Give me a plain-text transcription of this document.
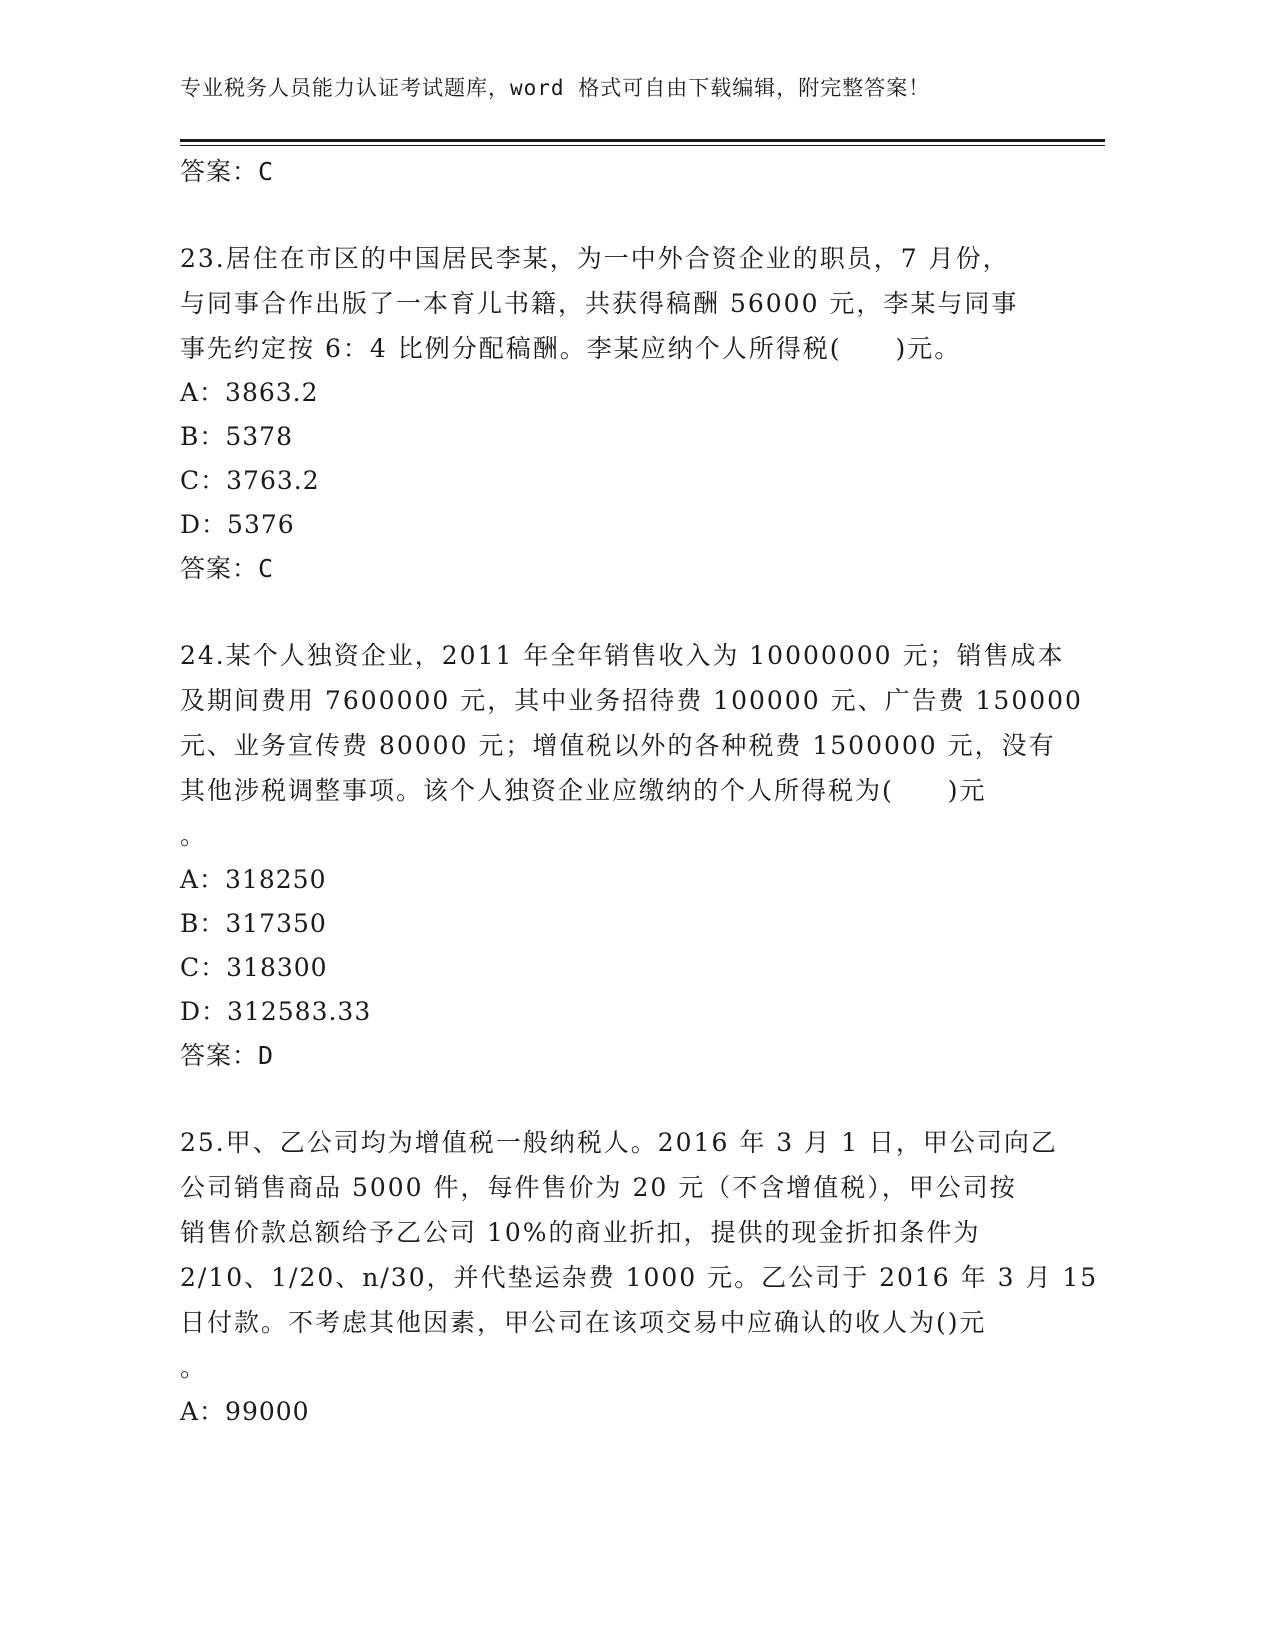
专业税务人员能力认证考试题库，word 格式可自由下载编辑，附完整答案！
答案：C
23.居住在市区的中国居民李某，为一中外合资企业的职员，7 月份，
与同事合作出版了一本育儿书籍，共获得稿酬 56000 元，李某与同事
事先约定按 6：4 比例分配稿酬。李某应纳个人所得税(　　)元。
A：3863.2
B：5378
C：3763.2
D：5376
答案：C
24.某个人独资企业，2011 年全年销售收入为 10000000 元；销售成本
及期间费用 7600000 元，其中业务招待费 100000 元、广告费 150000
元、业务宣传费 80000 元；增值税以外的各种税费 1500000 元，没有
其他涉税调整事项。该个人独资企业应缴纳的个人所得税为(　　)元
。
A：318250
B：317350
C：318300
D：312583.33
答案：D
25.甲、乙公司均为增值税一般纳税人。2016 年 3 月 1 日，甲公司向乙
公司销售商品 5000 件，每件售价为 20 元（不含增值税），甲公司按
销售价款总额给予乙公司 10%的商业折扣，提供的现金折扣条件为
2/10、1/20、n/30，并代垫运杂费 1000 元。乙公司于 2016 年 3 月 15
日付款。不考虑其他因素，甲公司在该项交易中应确认的收人为()元
。
A：99000
